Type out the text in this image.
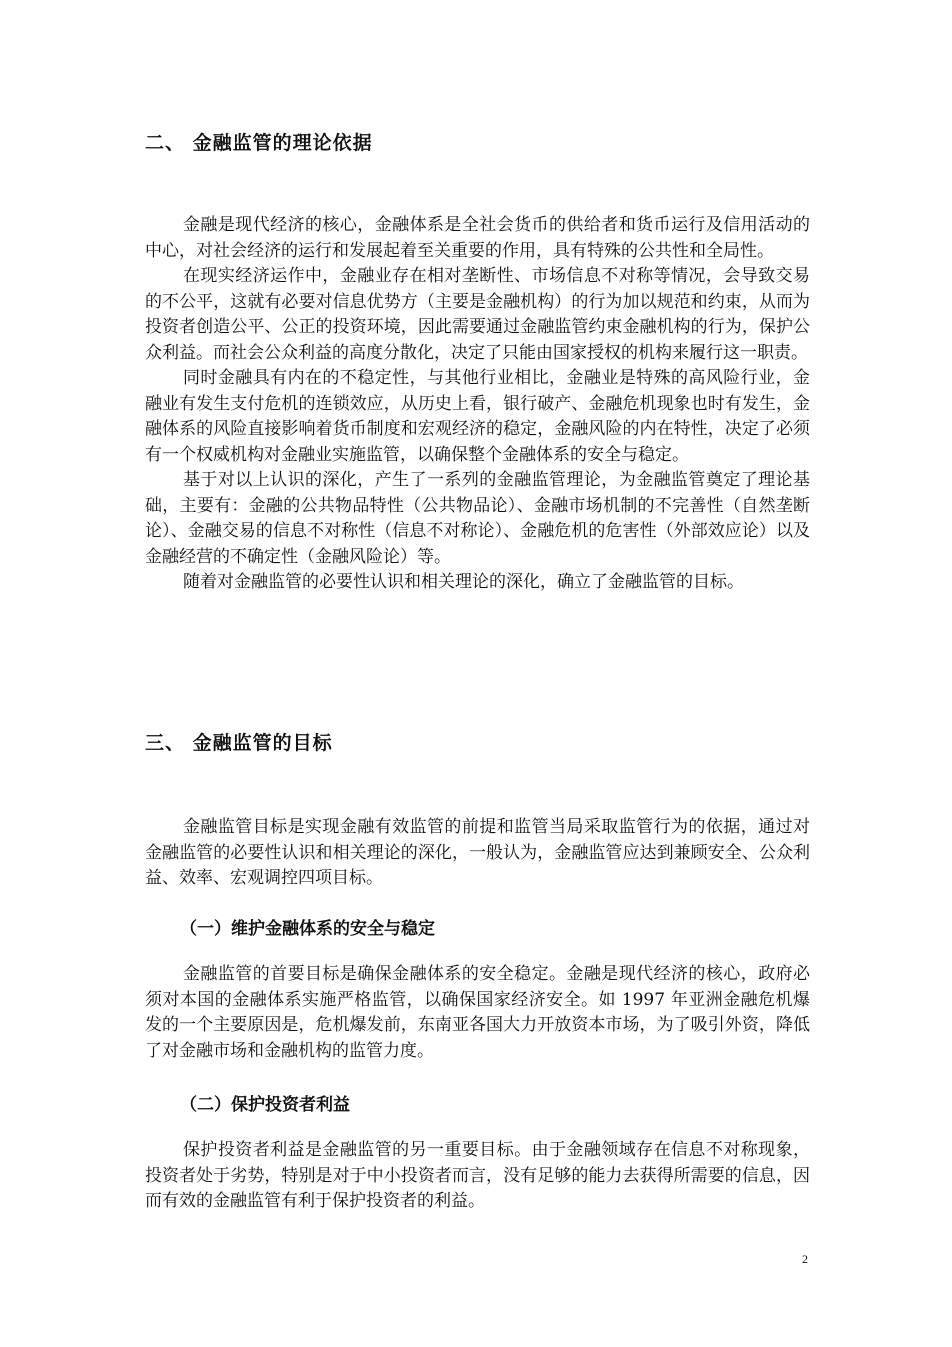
二、 金融监管的理论依据

金融是现代经济的核心，金融体系是全社会货币的供给者和货币运行及信用活动的中心，对社会经济的运行和发展起着至关重要的作用，具有特殊的公共性和全局性。

在现实经济运作中，金融业存在相对垄断性、市场信息不对称等情况，会导致交易的不公平，这就有必要对信息优势方（主要是金融机构）的行为加以规范和约束，从而为投资者创造公平、公正的投资环境，因此需要通过金融监管约束金融机构的行为，保护公众利益。而社会公众利益的高度分散化，决定了只能由国家授权的机构来履行这一职责。

同时金融具有内在的不稳定性，与其他行业相比，金融业是特殊的高风险行业，金融业有发生支付危机的连锁效应，从历史上看，银行破产、金融危机现象也时有发生，金融体系的风险直接影响着货币制度和宏观经济的稳定，金融风险的内在特性，决定了必须有一个权威机构对金融业实施监管，以确保整个金融体系的安全与稳定。

基于对以上认识的深化，产生了一系列的金融监管理论，为金融监管奠定了理论基础，主要有：金融的公共物品特性（公共物品论）、金融市场机制的不完善性（自然垄断论）、金融交易的信息不对称性（信息不对称论）、金融危机的危害性（外部效应论）以及金融经营的不确定性（金融风险论）等。

随着对金融监管的必要性认识和相关理论的深化，确立了金融监管的目标。

三、 金融监管的目标

金融监管目标是实现金融有效监管的前提和监管当局采取监管行为的依据，通过对金融监管的必要性认识和相关理论的深化，一般认为，金融监管应达到兼顾安全、公众利益、效率、宏观调控四项目标。

（一）维护金融体系的安全与稳定

金融监管的首要目标是确保金融体系的安全稳定。金融是现代经济的核心，政府必须对本国的金融体系实施严格监管，以确保国家经济安全。如 1997 年亚洲金融危机爆发的一个主要原因是，危机爆发前，东南亚各国大力开放资本市场，为了吸引外资，降低了对金融市场和金融机构的监管力度。

（二）保护投资者利益

保护投资者利益是金融监管的另一重要目标。由于金融领域存在信息不对称现象，投资者处于劣势，特别是对于中小投资者而言，没有足够的能力去获得所需要的信息，因而有效的金融监管有利于保护投资者的利益。

2
